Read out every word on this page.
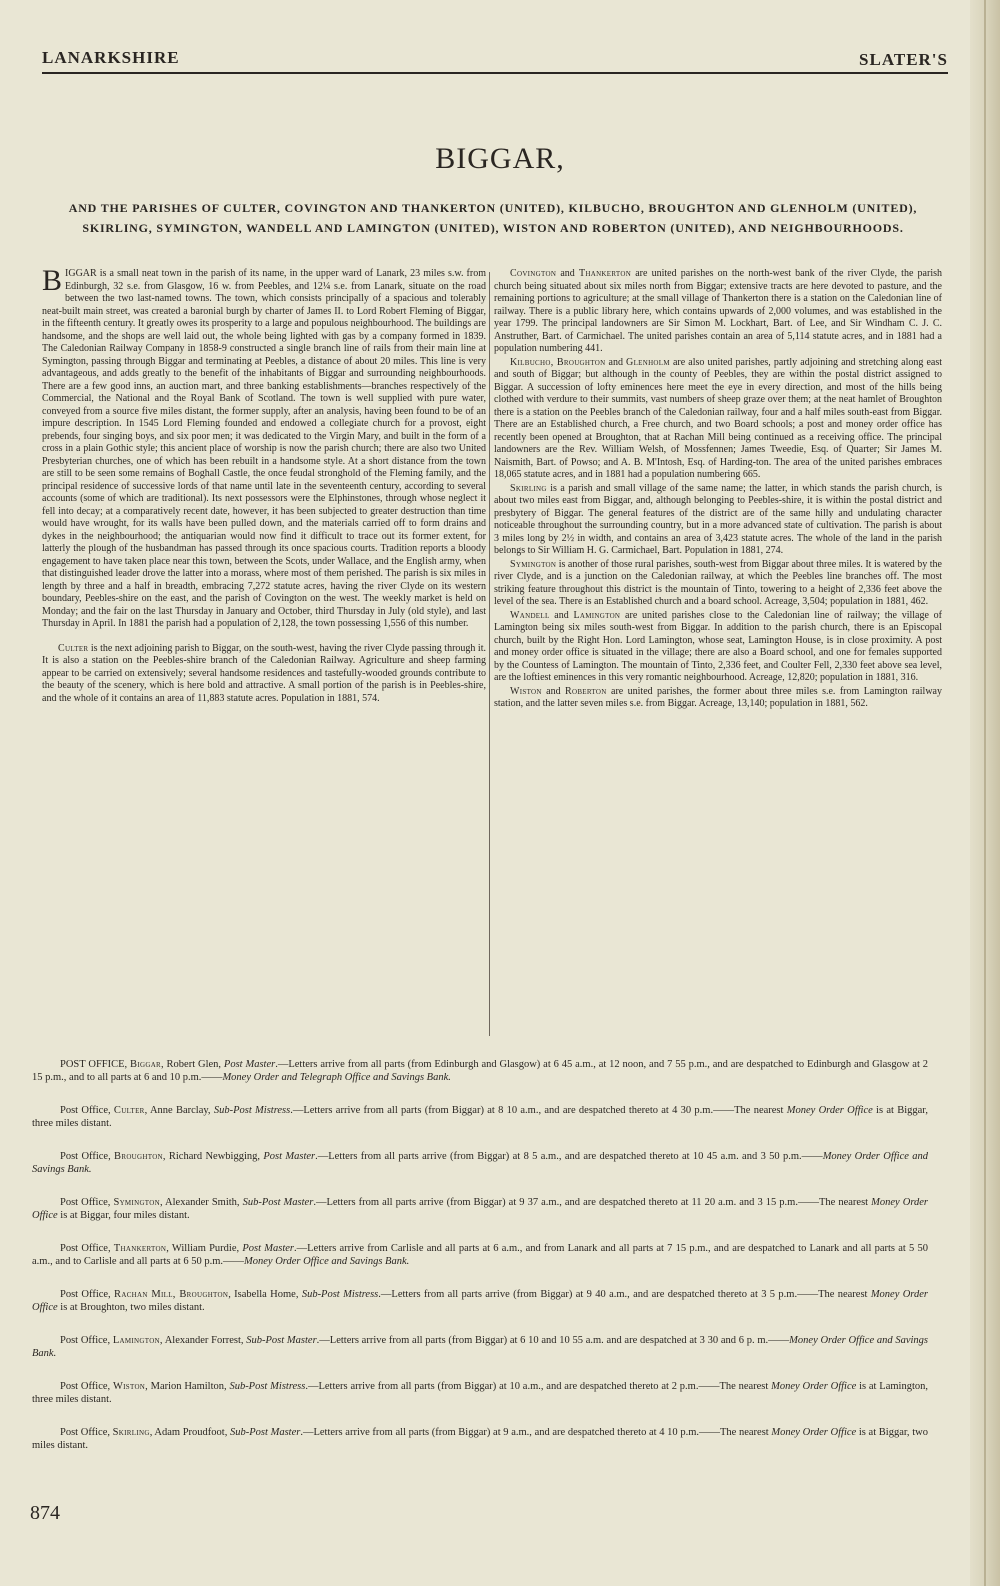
LANARKSHIRE	SLATER'S
BIGGAR,
AND THE PARISHES OF CULTER, COVINGTON AND THANKERTON (UNITED), KILBUCHO, BROUGHTON AND GLENHOLM (UNITED), SKIRLING, SYMINGTON, WANDELL AND LAMINGTON (UNITED), WISTON AND ROBERTON (UNITED), AND NEIGHBOURHOODS.

BIGGAR is a small neat town in the parish of its name, in the upper ward of Lanark, 23 miles s.w. from Edinburgh, 32 s.e. from Glasgow, 16 w. from Peebles, and 12¼ s.e. from Lanark, situate on the road between the two last-named towns. The town, which consists principally of a spacious and tolerably neat-built main street, was created a baronial burgh by charter of James II. to Lord Robert Fleming of Biggar, in the fifteenth century. It greatly owes its prosperity to a large and populous neighbourhood. The buildings are handsome, and the shops are well laid out, the whole being lighted with gas by a company formed in 1839. The Caledonian Railway Company in 1858-9 constructed a single branch line of rails from their main line at Symington, passing through Biggar and terminating at Peebles, a distance of about 20 miles. This line is very advantageous, and adds greatly to the benefit of the inhabitants of Biggar and surrounding neighbourhoods. There are a few good inns, an auction mart, and three banking establishments—branches respectively of the Commercial, the National and the Royal Bank of Scotland. The town is well supplied with pure water, conveyed from a source five miles distant, the former supply, after an analysis, having been found to be of an impure description. In 1545 Lord Fleming founded and endowed a collegiate church for a provost, eight prebends, four singing boys, and six poor men; it was dedicated to the Virgin Mary, and built in the form of a cross in a plain Gothic style; this ancient place of worship is now the parish church; there are also two United Presbyterian churches, one of which has been rebuilt in a handsome style. At a short distance from the town are still to be seen some remains of Boghall Castle, the once feudal stronghold of the Fleming family, and the principal residence of successive lords of that name until late in the seventeenth century, according to several accounts (some of which are traditional). Its next possessors were the Elphinstones, through whose neglect it fell into decay; at a comparatively recent date, however, it has been subjected to greater destruction than time would have wrought, for its walls have been pulled down, and the materials carried off to form drains and dykes in the neighbourhood; the antiquarian would now find it difficult to trace out its former extent, for latterly the plough of the husbandman has passed through its once spacious courts. Tradition reports a bloody engagement to have taken place near this town, between the Scots, under Wallace, and the English army, when that distinguished leader drove the latter into a morass, where most of them perished. The parish is six miles in length by three and a half in breadth, embracing 7,272 statute acres, having the river Clyde on its western boundary, Peebles-shire on the east, and the parish of Covington on the west. The weekly market is held on Monday; and the fair on the last Thursday in January and October, third Thursday in July (old style), and last Thursday in April. In 1881 the parish had a population of 2,128, the town possessing 1,556 of this number.

Culter is the next adjoining parish to Biggar, on the south-west, having the river Clyde passing through it. It is also a station on the Peebles-shire branch of the Caledonian Railway. Agriculture and sheep farming appear to be carried on extensively; several handsome residences and tastefully-wooded grounds contribute to the beauty of the scenery, which is here bold and attractive. A small portion of the parish is in Peebles-shire, and the whole of it contains an area of 11,883 statute acres. Population in 1881, 574.

Covington and Thankerton are united parishes on the north-west bank of the river Clyde, the parish church being situated about six miles north from Biggar; extensive tracts are here devoted to pasture, and the remaining portions to agriculture; at the small village of Thankerton there is a station on the Caledonian line of railway. There is a public library here, which contains upwards of 2,000 volumes, and was established in the year 1799. The principal landowners are Sir Simon M. Lockhart, Bart. of Lee, and Sir Windham C. J. C. Anstruther, Bart. of Carmichael. The united parishes contain an area of 5,114 statute acres, and in 1881 had a population numbering 441.

Kilbucho, Broughton and Glenholm are also united parishes, partly adjoining and stretching along east and south of Biggar; but although in the county of Peebles, they are within the postal district assigned to Biggar. A succession of lofty eminences here meet the eye in every direction, and most of the hills being clothed with verdure to their summits, vast numbers of sheep graze over them; at the neat hamlet of Broughton there is a station on the Peebles branch of the Caledonian railway, four and a half miles south-east from Biggar. There are an Established church, a Free church, and two Board schools; a post and money order office has recently been opened at Broughton, that at Rachan Mill being continued as a receiving office. The principal landowners are the Rev. William Welsh, of Mossfennen; James Tweedie, Esq. of Quarter; Sir James M. Naismith, Bart. of Powso; and A. B. M'Intosh, Esq. of Harding-ton. The area of the united parishes embraces 18,065 statute acres, and in 1881 had a population numbering 665.

Skirling is a parish and small village of the same name; the latter, in which stands the parish church, is about two miles east from Biggar, and, although belonging to Peebles-shire, it is within the postal district and presbytery of Biggar. The general features of the district are of the same hilly and undulating character noticeable throughout the surrounding country, but in a more advanced state of cultivation. The parish is about 3 miles long by 2½ in width, and contains an area of 3,423 statute acres. The whole of the land in the parish belongs to Sir William H. G. Carmichael, Bart. Population in 1881, 274.

Symington is another of those rural parishes, south-west from Biggar about three miles. It is watered by the river Clyde, and is a junction on the Caledonian railway, at which the Peebles line branches off. The most striking feature throughout this district is the mountain of Tinto, towering to a height of 2,336 feet above the level of the sea. There is an Established church and a board school. Acreage, 3,504; population in 1881, 462.

Wandell and Lamington are united parishes close to the Caledonian line of railway; the village of Lamington being six miles south-west from Biggar. In addition to the parish church, there is an Episcopal church, built by the Right Hon. Lord Lamington, whose seat, Lamington House, is in close proximity. A post and money order office is situated in the village; there are also a Board school, and one for females supported by the Countess of Lamington. The mountain of Tinto, 2,336 feet, and Coulter Fell, 2,330 feet above sea level, are the loftiest eminences in this very romantic neighbourhood. Acreage, 12,820; population in 1881, 316.

Wiston and Roberton are united parishes, the former about three miles s.e. from Lamington railway station, and the latter seven miles s.e. from Biggar. Acreage, 13,140; population in 1881, 562.

POST OFFICE, Biggar, Robert Glen, Post Master.—Letters arrive from all parts (from Edinburgh and Glasgow) at 6 45 a.m., at 12 noon, and 7 55 p.m., and are despatched to Edinburgh and Glasgow at 2 15 p.m., and to all parts at 6 and 10 p.m.——Money Order and Telegraph Office and Savings Bank.

Post Office, Culter, Anne Barclay, Sub-Post Mistress.—Letters arrive from all parts (from Biggar) at 8 10 a.m., and are despatched thereto at 4 30 p.m.——The nearest Money Order Office is at Biggar, three miles distant.

Post Office, Broughton, Richard Newbigging, Post Master.—Letters from all parts arrive (from Biggar) at 8 5 a.m., and are despatched thereto at 10 45 a.m. and 3 50 p.m.——Money Order Office and Savings Bank.

Post Office, Symington, Alexander Smith, Sub-Post Master.—Letters from all parts arrive (from Biggar) at 9 37 a.m., and are despatched thereto at 11 20 a.m. and 3 15 p.m.——The nearest Money Order Office is at Biggar, four miles distant.

Post Office, Thankerton, William Purdie, Post Master.—Letters arrive from Carlisle and all parts at 6 a.m., and from Lanark and all parts at 7 15 p.m., and are despatched to Lanark and all parts at 5 50 a.m., and to Carlisle and all parts at 6 50 p.m.——Money Order Office and Savings Bank.

Post Office, Rachan Mill, Broughton, Isabella Home, Sub-Post Mistress.—Letters from all parts arrive (from Biggar) at 9 40 a.m., and are despatched thereto at 3 5 p.m.——The nearest Money Order Office is at Broughton, two miles distant.

Post Office, Lamington, Alexander Forrest, Sub-Post Master.—Letters arrive from all parts (from Biggar) at 6 10 and 10 55 a.m. and are despatched at 3 30 and 6 p. m.——Money Order Office and Savings Bank.

Post Office, Wiston, Marion Hamilton, Sub-Post Mistress.—Letters arrive from all parts (from Biggar) at 10 a.m., and are despatched thereto at 2 p.m.——The nearest Money Order Office is at Lamington, three miles distant.

Post Office, Skirling, Adam Proudfoot, Sub-Post Master.—Letters arrive from all parts (from Biggar) at 9 a.m., and are despatched thereto at 4 10 p.m.——The nearest Money Order Office is at Biggar, two miles distant.

874
